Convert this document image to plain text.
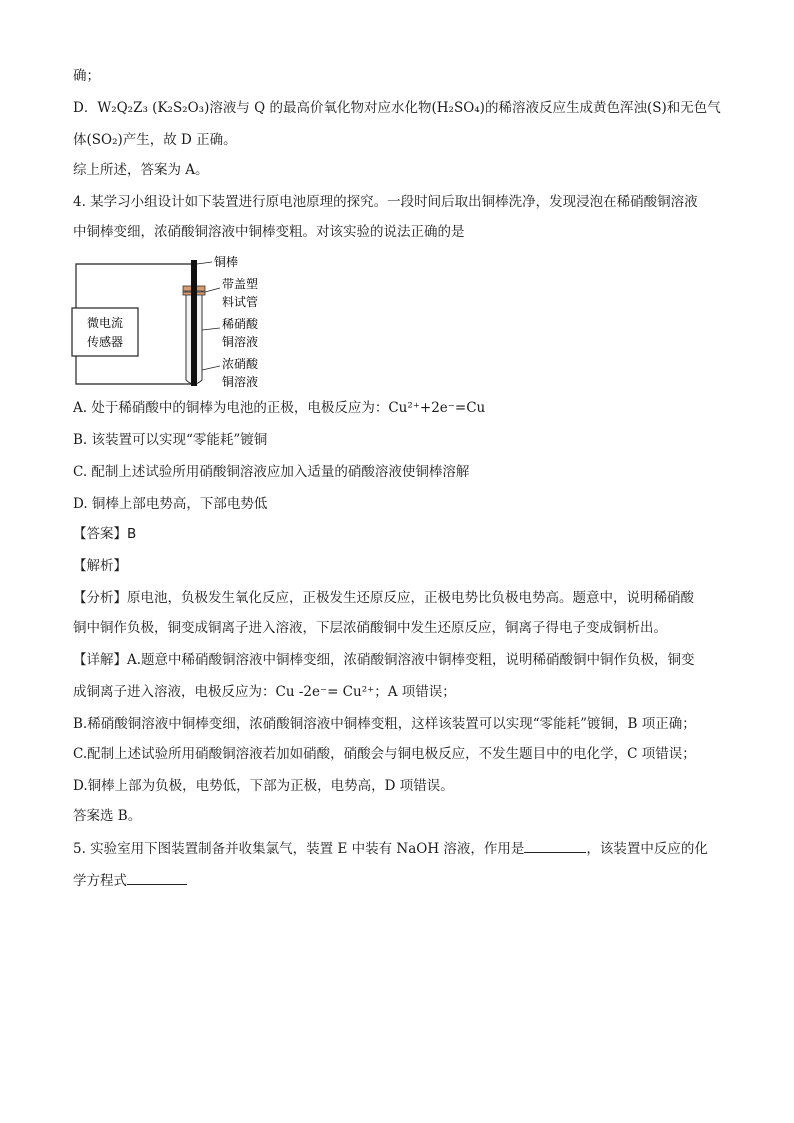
确；
D．W₂Q₂Z₃ (K₂S₂O₃)溶液与 Q 的最高价氧化物对应水化物(H₂SO₄)的稀溶液反应生成黄色浑浊(S)和无色气
体(SO₂)产生，故 D 正确。
综上所述，答案为 A。
4. 某学习小组设计如下装置进行原电池原理的探究。一段时间后取出铜棒洗净，发现浸泡在稀硝酸铜溶液
中铜棒变细，浓硝酸铜溶液中铜棒变粗。对该实验的说法正确的是
微电流
传感器
铜棒
带盖塑
料试管
稀硝酸
铜溶液
浓硝酸
铜溶液
A. 处于稀硝酸中的铜棒为电池的正极，电极反应为：Cu²⁺+2e⁻=Cu
B. 该装置可以实现“零能耗”镀铜
C. 配制上述试验所用硝酸铜溶液应加入适量的硝酸溶液使铜棒溶解
D. 铜棒上部电势高，下部电势低
【答案】B
【解析】
【分析】原电池，负极发生氧化反应，正极发生还原反应，正极电势比负极电势高。题意中，说明稀硝酸
铜中铜作负极，铜变成铜离子进入溶液，下层浓硝酸铜中发生还原反应，铜离子得电子变成铜析出。
【详解】A.题意中稀硝酸铜溶液中铜棒变细，浓硝酸铜溶液中铜棒变粗，说明稀硝酸铜中铜作负极，铜变
成铜离子进入溶液，电极反应为：Cu -2e⁻= Cu²⁺；A 项错误；
B.稀硝酸铜溶液中铜棒变细，浓硝酸铜溶液中铜棒变粗，这样该装置可以实现“零能耗”镀铜，B 项正确；
C.配制上述试验所用硝酸铜溶液若加如硝酸，硝酸会与铜电极反应，不发生题目中的电化学，C 项错误；
D.铜棒上部为负极，电势低，下部为正极，电势高，D 项错误。
答案选 B。
5. 实验室用下图装置制备并收集氯气，装置 E 中装有 NaOH 溶液，作用是	，该装置中反应的化
学方程式
